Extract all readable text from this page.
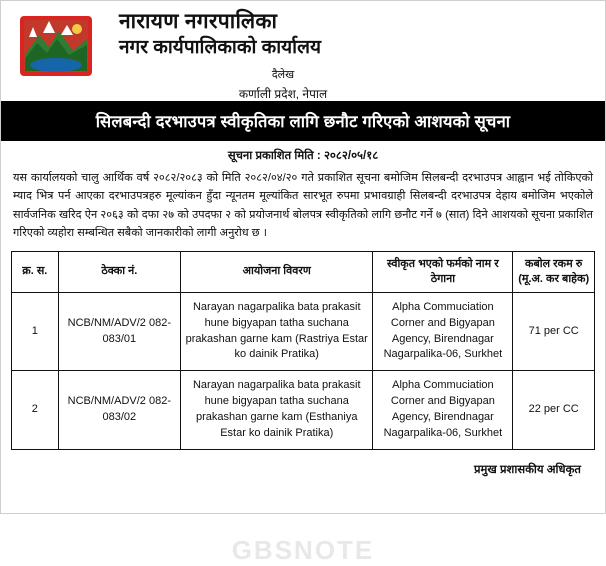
नारायण नगरपालिका
नगर कार्यपालिकाको कार्यालय
दैलेख
कर्णाली प्रदेश, नेपाल
सिलबन्दी दरभाउपत्र स्वीकृतिका लागि छनौट गरिएको आशयको सूचना
सूचना प्रकाशित मिति : २०८२/०५/१८
यस कार्यालयको चालु आर्थिक वर्ष २०८२/२०८३ को मिति २०८२/०४/२० गते प्रकाशित सूचना बमोजिम सिलबन्दी दरभाउपत्र आह्वान भई तोकिएको म्याद भित्र पर्न आएका दरभाउपत्रहरु मूल्यांकन हुँदा न्यूनतम मूल्यांकित सारभूत रुपमा प्रभावग्राही सिलबन्दी दरभाउपत्र देहाय बमोजिम भएकोले सार्वजनिक खरिद ऐन २०६३ को दफा २७ को उपदफा २ को प्रयोजनार्थ बोलपत्र स्वीकृतिको लागि छनौट गर्ने ७ (सात) दिने आशयको सूचना प्रकाशित गरिएको व्यहोरा सम्बन्धित सबैको जानकारीको लागी अनुरोध छ ।
GBSNOTE
क्र. स.	ठेक्का नं.	आयोजना विवरण	स्वीकृत भएकाे फर्मकाे नाम र ठेगाना	कबाेल रकम रु (मू.अ. कर बाहेक)
1	NCB/NM/ADV/2 082-083/01	Narayan nagarpalika bata prakasit hune bigyapan tatha suchana prakashan garne kam (Rastriya Estar ko dainik Pratika)	Alpha Commuciation Corner and Bigyapan Agency, Birendnagar Nagarpalika-06, Surkhet	71 per CC
2	NCB/NM/ADV/2 082-083/02	Narayan nagarpalika bata prakasit hune bigyapan tatha suchana prakashan garne kam (Esthaniya Estar ko dainik Pratika)	Alpha Commuciation Corner and Bigyapan Agency, Birendnagar Nagarpalika-06, Surkhet	22 per CC
प्रमुख प्रशासकीय अधिकृत
